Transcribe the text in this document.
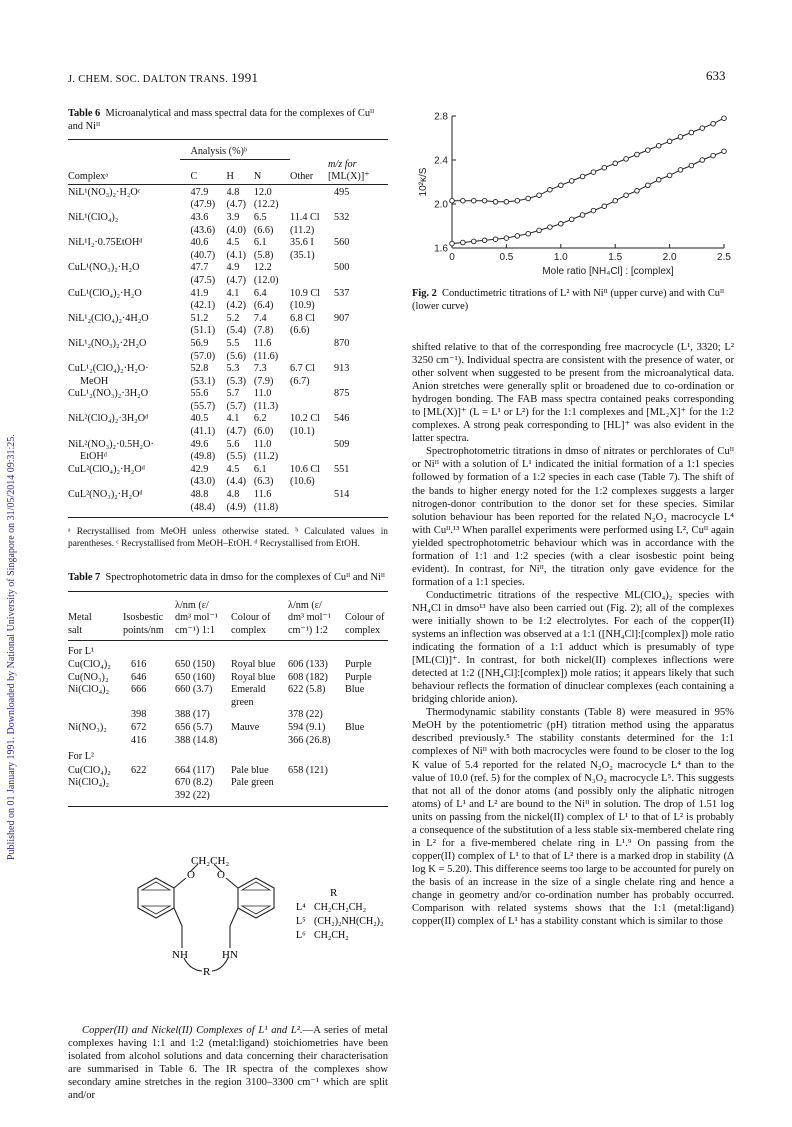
J. CHEM. SOC. DALTON TRANS. 1991	633
Published on 01 January 1991. Downloaded by National University of Singapore on 31/05/2014 09:31:25.

Table 6 Microanalytical and mass spectral data for the complexes of Cuᴵᴵ and Niᴵᴵ

	Analysis (%)ᵇ				

					m/z for
Complexᵃ	C	H	N	Other	[ML(X)]⁺

NiL¹(NO₃)₂·H₂Oᶜ	47.9	4.8	12.0		495
	(47.9)	(4.7)	(12.2)		
NiL¹(ClO₄)₂	43.6	3.9	6.5	11.4 Cl	532
	(43.6)	(4.0)	(6.6)	(11.2)	
NiL¹I₂·0.75EtOHᵈ	40.6	4.5	6.1	35.6 I	560
	(40.7)	(4.1)	(5.8)	(35.1)	
CuL¹(NO₃)₂·H₂O	47.7	4.9	12.2		500
	(47.5)	(4.7)	(12.0)		
CuL¹(ClO₄)₂·H₂O	41.9	4.1	6.4	10.9 Cl	537
	(42.1)	(4.2)	(6.4)	(10.9)	
NiL¹₂(ClO₄)₂·4H₂O	51.2	5.2	7.4	6.8 Cl	907
	(51.1)	(5.4)	(7.8)	(6.6)	
NiL¹₂(NO₃)₂·2H₂O	56.9	5.5	11.6		870
	(57.0)	(5.6)	(11.6)		
CuL¹₂(ClO₄)₂·H₂O·	52.8	5.3	7.3	6.7 Cl	913
MeOH	(53.1)	(5.3)	(7.9)	(6.7)	
CuL¹₂(NO₃)₂·3H₂O	55.6	5.7	11.0		875
	(55.7)	(5.7)	(11.3)		
NiL²(ClO₄)₂·3H₂Oᵈ	40.5	4.1	6.2	10.2 Cl	546
	(41.1)	(4.7)	(6.0)	(10.1)	
NiL²(NO₃)₂·0.5H₂O·	49.6	5.6	11.0		509
EtOHᵈ	(49.8)	(5.5)	(11.2)		
CuL²(ClO₄)₂·H₂Oᵈ	42.9	4.5	6.1	10.6 Cl	551
	(43.0)	(4.4)	(6.3)	(10.6)	
CuL²(NO₃)₂·H₂Oᵈ	48.8	4.8	11.6		514
	(48.4)	(4.9)	(11.8)		

ᵃ Recrystallised from MeOH unless otherwise stated. ᵇ Calculated values in parentheses. ᶜ Recrystallised from MeOH–EtOH. ᵈ Recrystallised from EtOH.

Table 7 Spectrophotometric data in dmso for the complexes of Cuᴵᴵ and Niᴵᴵ

		λ/nm (ε/		λ/nm (ε/	
Metal	Isosbestic	dm³ mol⁻¹	Colour of	dm³ mol⁻¹	Colour of
salt	points/nm	cm⁻¹) 1:1	complex	cm⁻¹) 1:2	complex

For L¹					
Cu(ClO₄)₂	616	650 (150)	Royal blue	606 (133)	Purple
Cu(NO₃)₂	646	650 (160)	Royal blue	608 (182)	Purple
Ni(ClO₄)₂	666	660 (3.7)	Emerald	622 (5.8)	Blue
			green		
	398	388 (17)		378 (22)	
Ni(NO₃)₂	672	656 (5.7)	Mauve	594 (9.1)	Blue
	416	388 (14.8)		366 (26.8)	
For L²					
Cu(ClO₄)₂	622	664 (117)	Pale blue	658 (121)	
Ni(ClO₄)₂		670 (8.2)	Pale green		
		392 (22)			

O O
CH₂CH₂
NH	HN
R
R
L⁴ CH₂CH₂CH₂
L⁵ (CH₂)₂NH(CH₂)₂
L⁶ CH₂CH₂

Copper(II) and Nickel(II) Complexes of L¹ and L².—A series of metal complexes having 1:1 and 1:2 (metal:ligand) stoichiometries have been isolated from alcohol solutions and data concerning their characterisation are summarised in Table 6. The IR spectra of the complexes show secondary amine stretches in the region 3100–3300 cm⁻¹ which are split and/or

0	0.5	1.0	1.5	2.0	2.5
1.6
2.0
2.4
2.8
Mole ratio [NH₄Cl] : [complex]
10²κ/S

Fig. 2 Conductimetric titrations of L² with Niᴵᴵ (upper curve) and with Cuᴵᴵ (lower curve)

shifted relative to that of the corresponding free macrocycle (L¹, 3320; L² 3250 cm⁻¹). Individual spectra are consistent with the presence of water, or other solvent when suggested to be present from the microanalytical data. Anion stretches were generally split or broadened due to co-ordination or hydrogen bonding. The FAB mass spectra contained peaks corresponding to [ML(X)]⁺ (L = L¹ or L²) for the 1:1 complexes and [ML₂X]⁺ for the 1:2 complexes. A strong peak corresponding to [HL]⁺ was also evident in the latter spectra.

Spectrophotometric titrations in dmso of nitrates or perchlorates of Cuᴵᴵ or Niᴵᴵ with a solution of L¹ indicated the initial formation of a 1:1 species followed by formation of a 1:2 species in each case (Table 7). The shift of the bands to higher energy noted for the 1:2 complexes suggests a larger nitrogen-donor contribution to the donor set for these species. Similar solution behaviour has been reported for the related N₂O₂ macrocycle L⁴ with Cuᴵᴵ.¹³ When parallel experiments were performed using L², Cuᴵᴵ again yielded spectrophotometric behaviour which was in accordance with the formation of 1:1 and 1:2 species (with a clear isosbestic point being evident). In contrast, for Niᴵᴵ, the titration only gave evidence for the formation of a 1:1 species.

Conductimetric titrations of the respective ML(ClO₄)₂ species with NH₄Cl in dmso¹³ have also been carried out (Fig. 2); all of the complexes were initially shown to be 1:2 electrolytes. For each of the copper(II) systems an inflection was observed at a 1:1 ([NH₄Cl]:[complex]) mole ratio indicating the formation of a 1:1 adduct which is presumably of type [ML(Cl)]⁺. In contrast, for both nickel(II) complexes inflections were detected at 1:2 ([NH₄Cl]:[complex]) mole ratios; it appears likely that such behaviour reflects the formation of dinuclear complexes (each containing a bridging chloride anion).

Thermodynamic stability constants (Table 8) were measured in 95% MeOH by the potentiometric (pH) titration method using the apparatus described previously.⁵ The stability constants determined for the 1:1 complexes of Niᴵᴵ with both macrocycles were found to be closer to the log K value of 5.4 reported for the related N₂O₂ macrocycle L⁴ than to the value of 10.0 (ref. 5) for the complex of N₃O₂ macrocycle L⁵. This suggests that not all of the donor atoms (and possibly only the aliphatic nitrogen atoms) of L¹ and L² are bound to the Niᴵᴵ in solution. The drop of 1.51 log units on passing from the nickel(II) complex of L¹ to that of L² is probably a consequence of the substitution of a less stable six-membered chelate ring in L² for a five-membered chelate ring in L¹.⁹ On passing from the copper(II) complex of L¹ to that of L² there is a marked drop in stability (Δ log K = 5.20). This difference seems too large to be accounted for purely on the basis of an increase in the size of a single chelate ring and hence a change in geometry and/or co-ordination number has probably occurred. Comparison with related systems shows that the 1:1 (metal:ligand) copper(II) complex of L¹ has a stability constant which is similar to those
